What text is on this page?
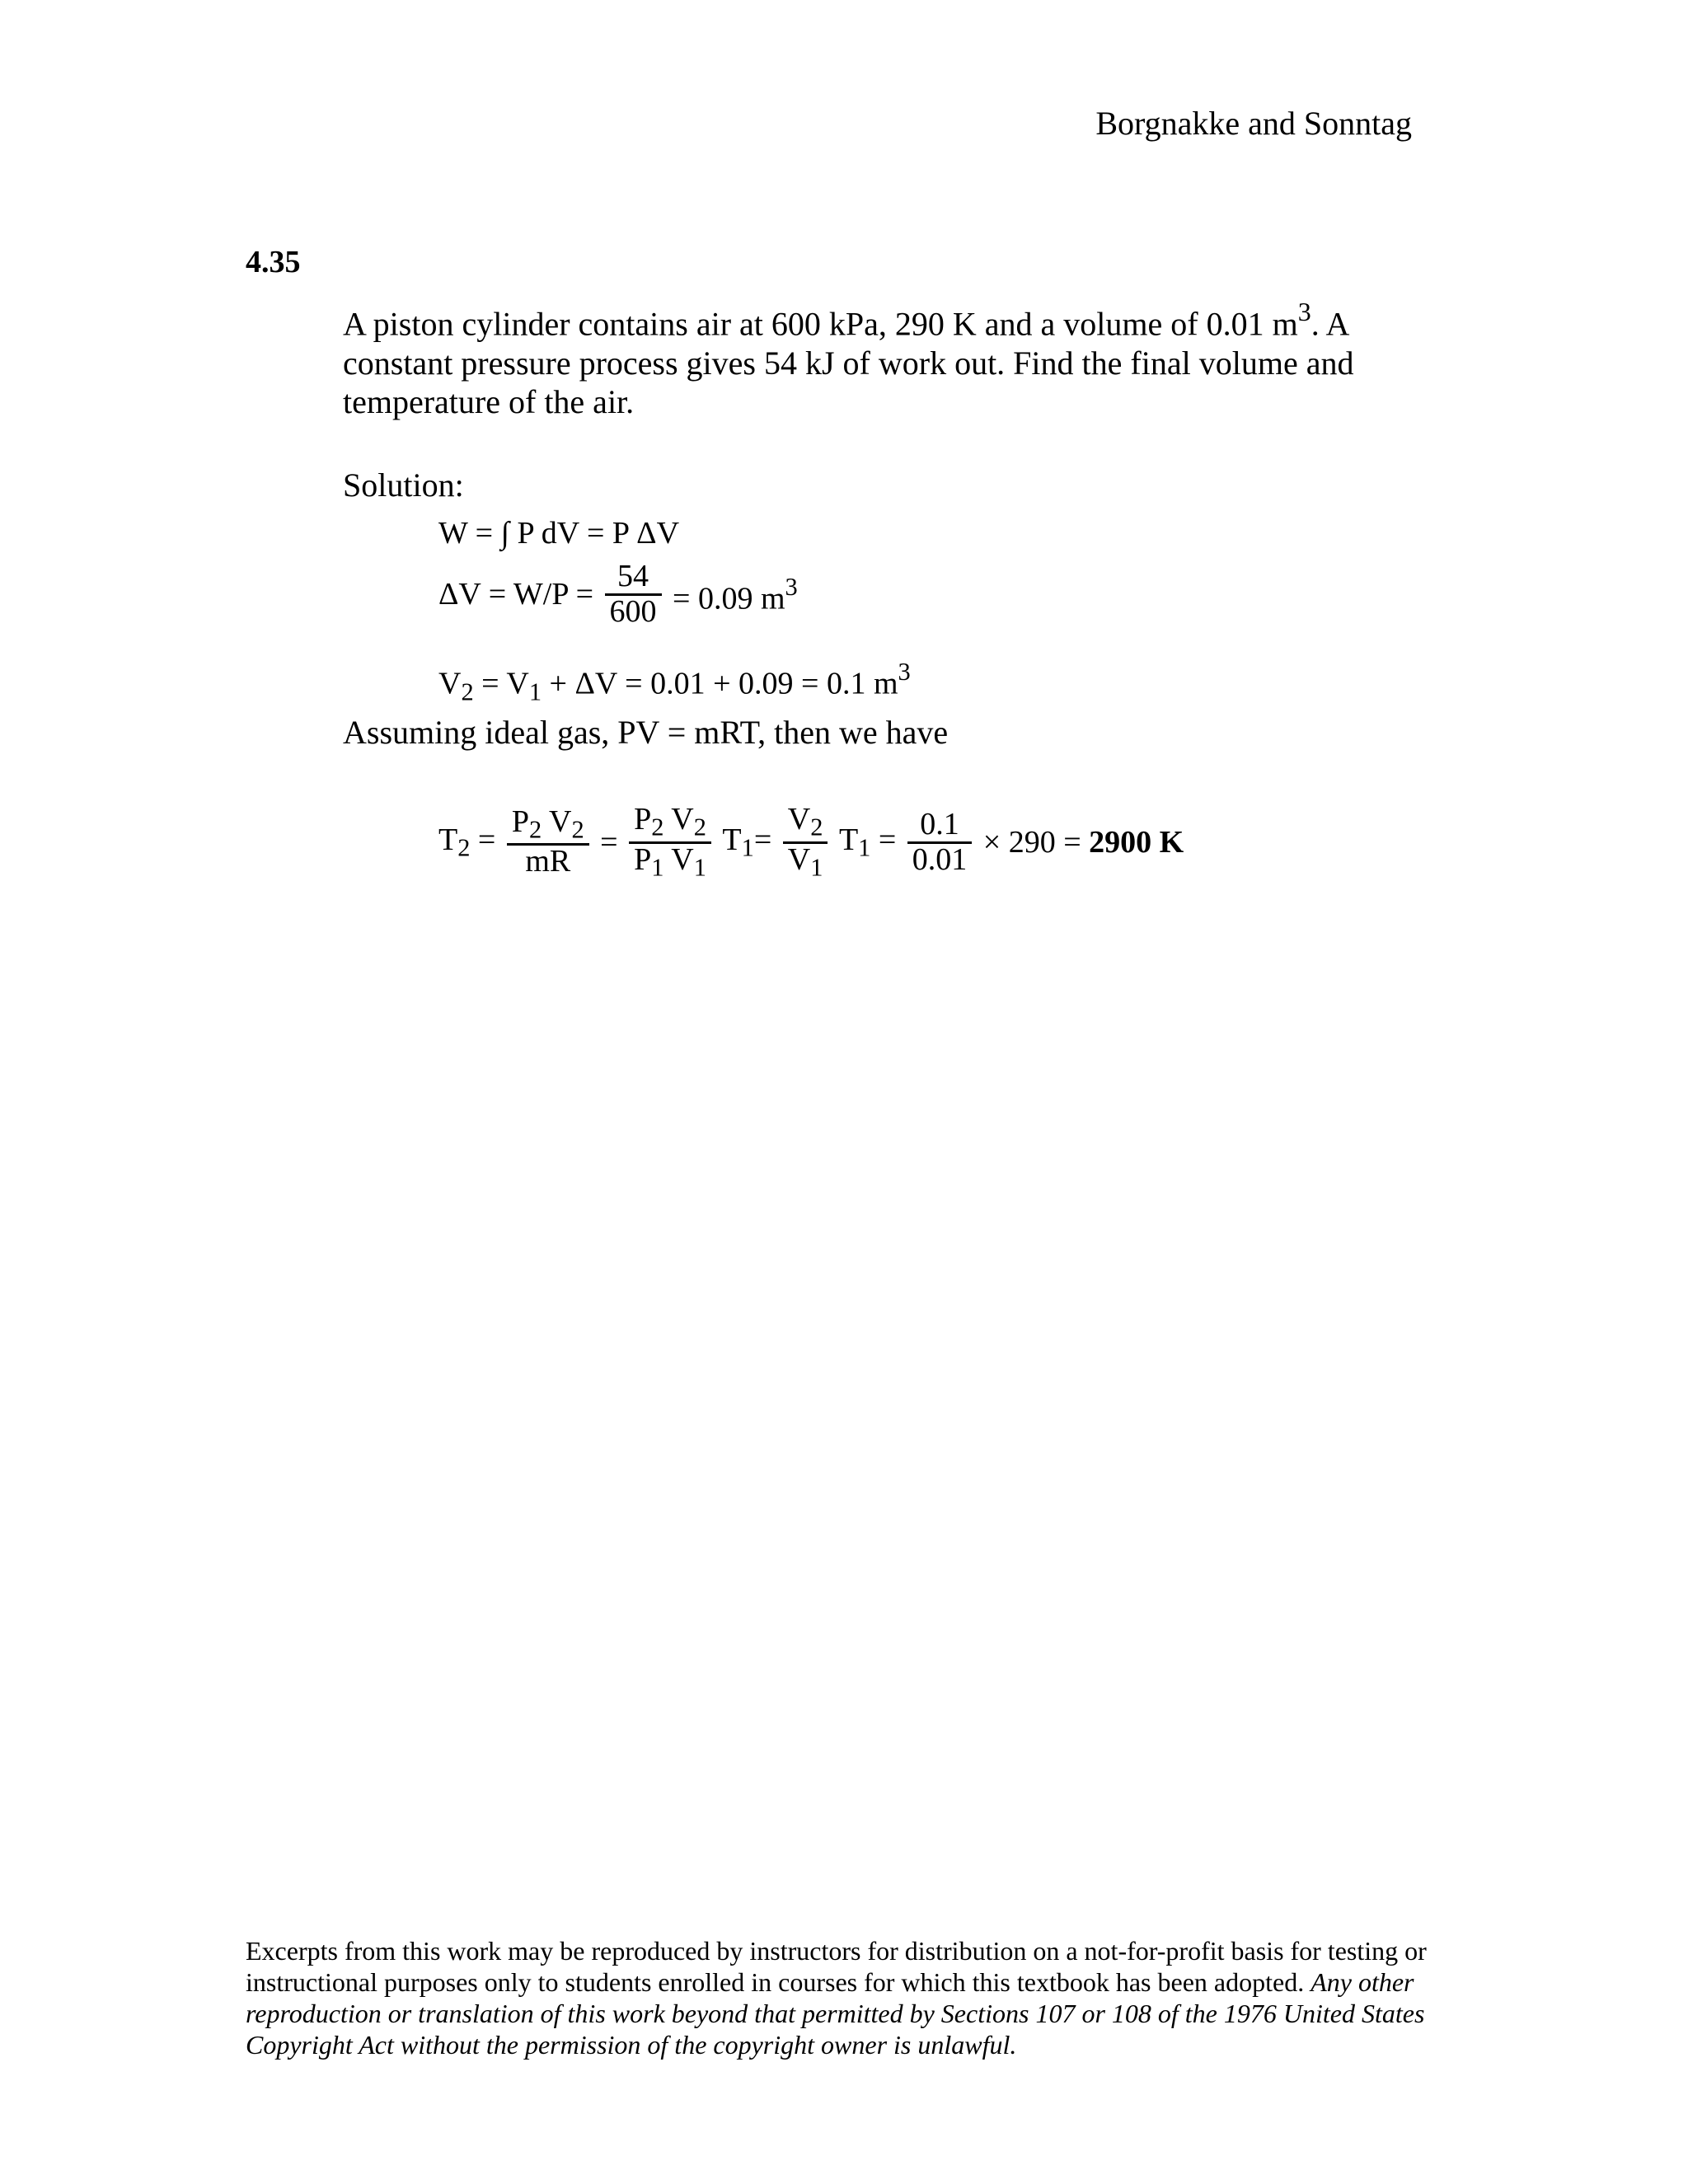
Borgnakke and Sonntag
4.35
A piston cylinder contains air at 600 kPa, 290 K and a volume of 0.01 $m^3$. A constant pressure process gives 54 kJ of work out. Find the final volume and temperature of the air.
Solution:
W = ∫ P dV = P ΔV
$\Delta V = W/P = \frac{54}{600} = 0.09$ $m^3$
$V_2 = V_1 + \Delta V = 0.01 + 0.09 = 0.1$ $m^3$
Assuming ideal gas, PV = mRT, then we have
$T_2 = \frac{P_2 V_2}{mR} = \frac{P_2 V_2}{P_1 V_1} T_1= \frac{V_2}{V_1} T_1 = \frac{0.1}{0.01} \times 290 = 2900$ K
Excerpts from this work may be reproduced by instructors for distribution on a not-for-profit basis for testing or instructional purposes only to students enrolled in courses for which this textbook has been adopted. Any other reproduction or translation of this work beyond that permitted by Sections 107 or 108 of the 1976 United States Copyright Act without the permission of the copyright owner is unlawful.
